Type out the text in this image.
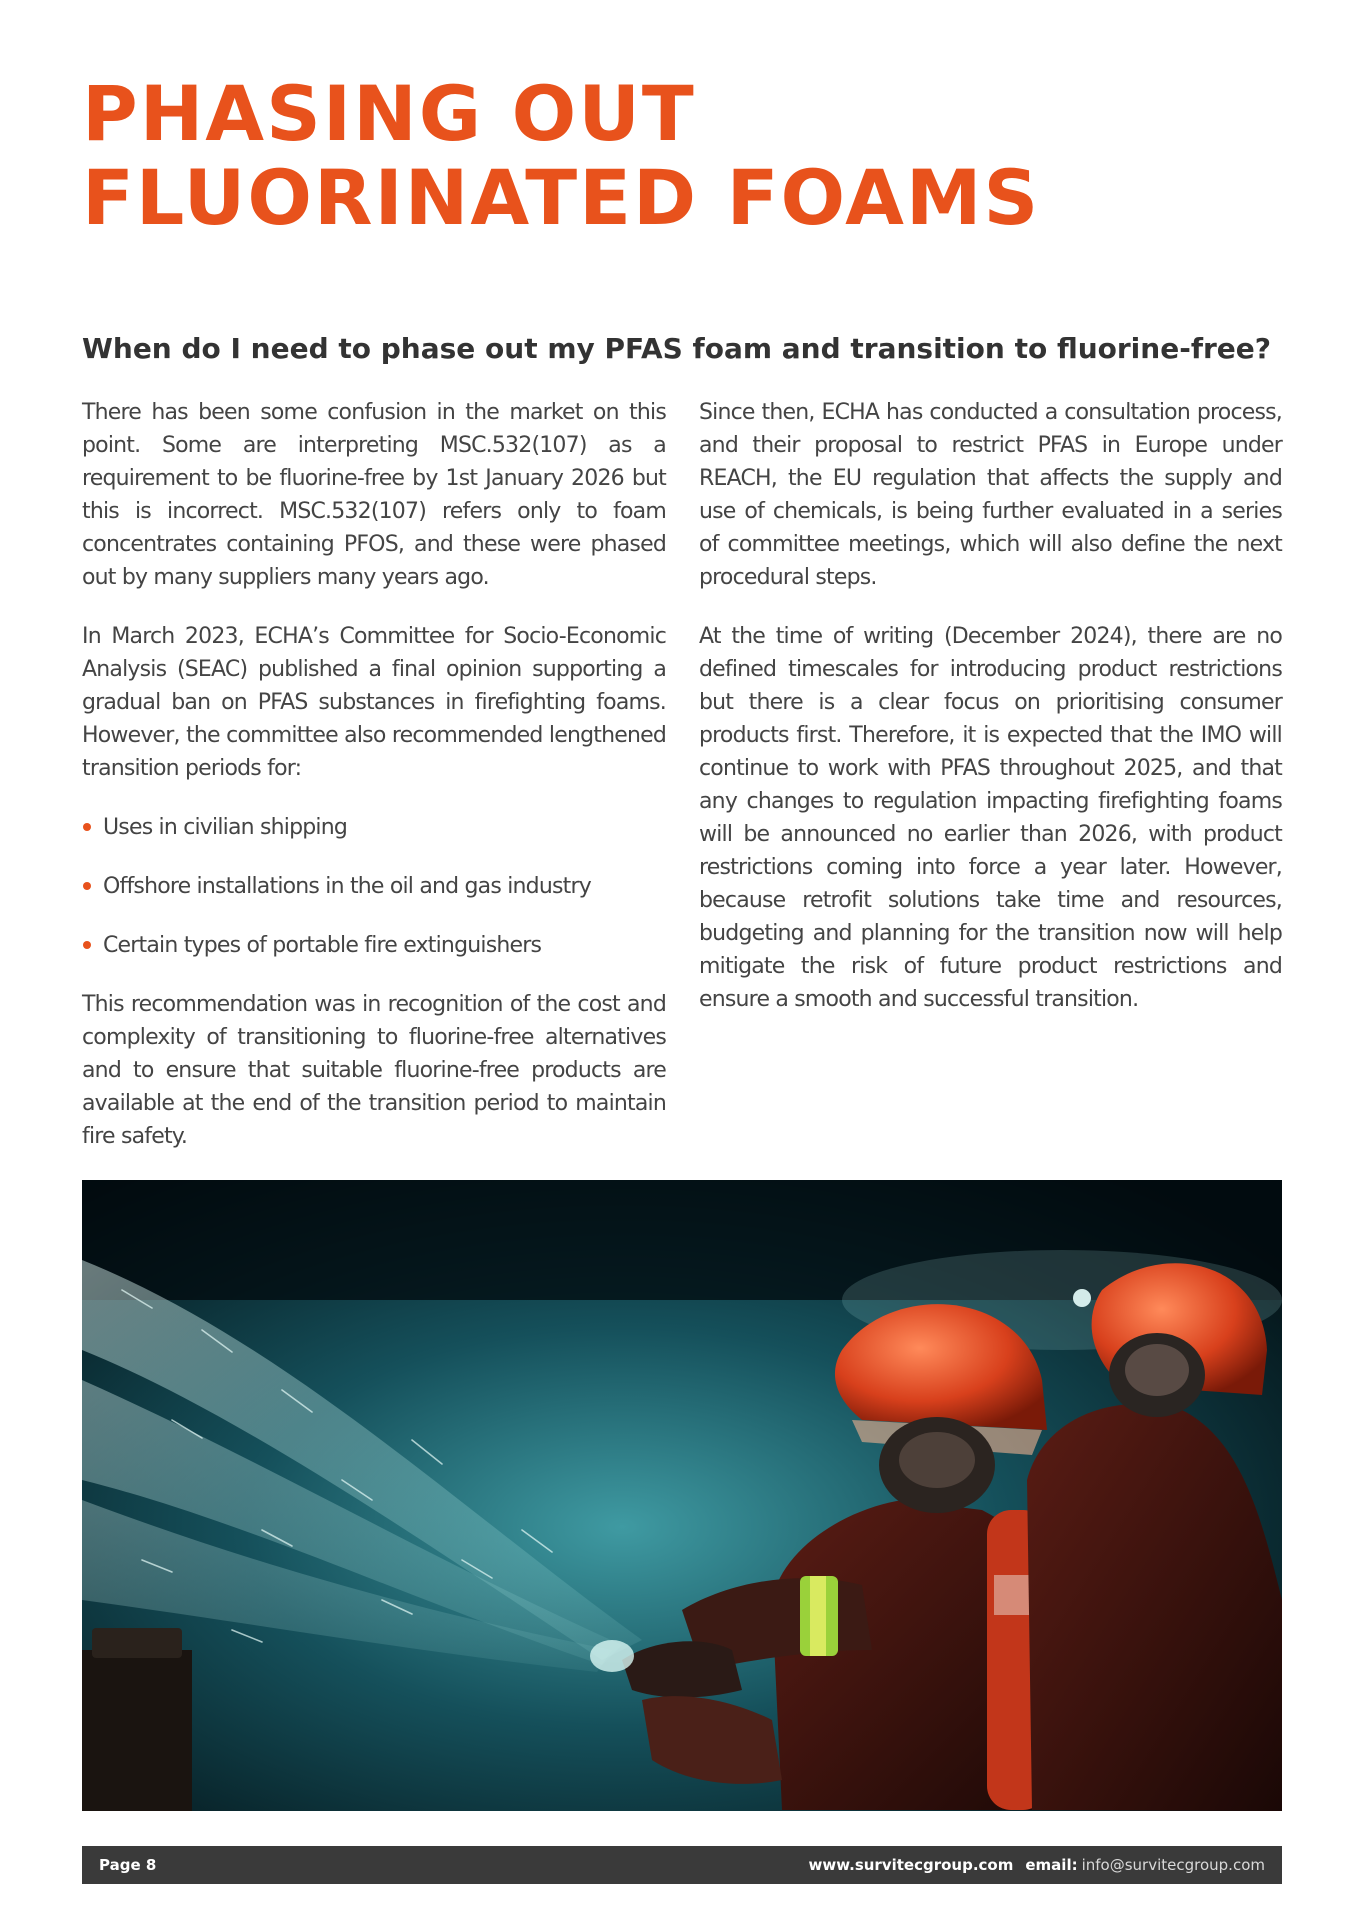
PHASING OUT
FLUORINATED FOAMS
When do I need to phase out my PFAS foam and transition to fluorine-free?

There has been some confusion in the market on this point. Some are interpreting MSC.532(107) as a requirement to be fluorine-free by 1st January 2026 but this is incorrect. MSC.532(107) refers only to foam concentrates containing PFOS, and these were phased out by many suppliers many years ago.

In March 2023, ECHA’s Committee for Socio-Economic Analysis (SEAC) published a final opinion supporting a gradual ban on PFAS substances in firefighting foams. However, the committee also recommended lengthened transition periods for:

Uses in civilian shipping
Offshore installations in the oil and gas industry
Certain types of portable fire extinguishers

This recommendation was in recognition of the cost and complexity of transitioning to fluorine-free alternatives and to ensure that suitable fluorine-free products are available at the end of the transition period to maintain fire safety.

Since then, ECHA has conducted a consultation process, and their proposal to restrict PFAS in Europe under REACH, the EU regulation that affects the supply and use of chemicals, is being further evaluated in a series of committee meetings, which will also define the next procedural steps.

At the time of writing (December 2024), there are no defined timescales for introducing product restrictions but there is a clear focus on prioritising consumer products first. Therefore, it is expected that the IMO will continue to work with PFAS throughout 2025, and that any changes to regulation impacting firefighting foams will be announced no earlier than 2026, with product restrictions coming into force a year later. However, because retrofit solutions take time and resources, budgeting and planning for the transition now will help mitigate the risk of future product restrictions and ensure a smooth and successful transition.

Page 8	www.survitecgroup.com email: info@survitecgroup.com
